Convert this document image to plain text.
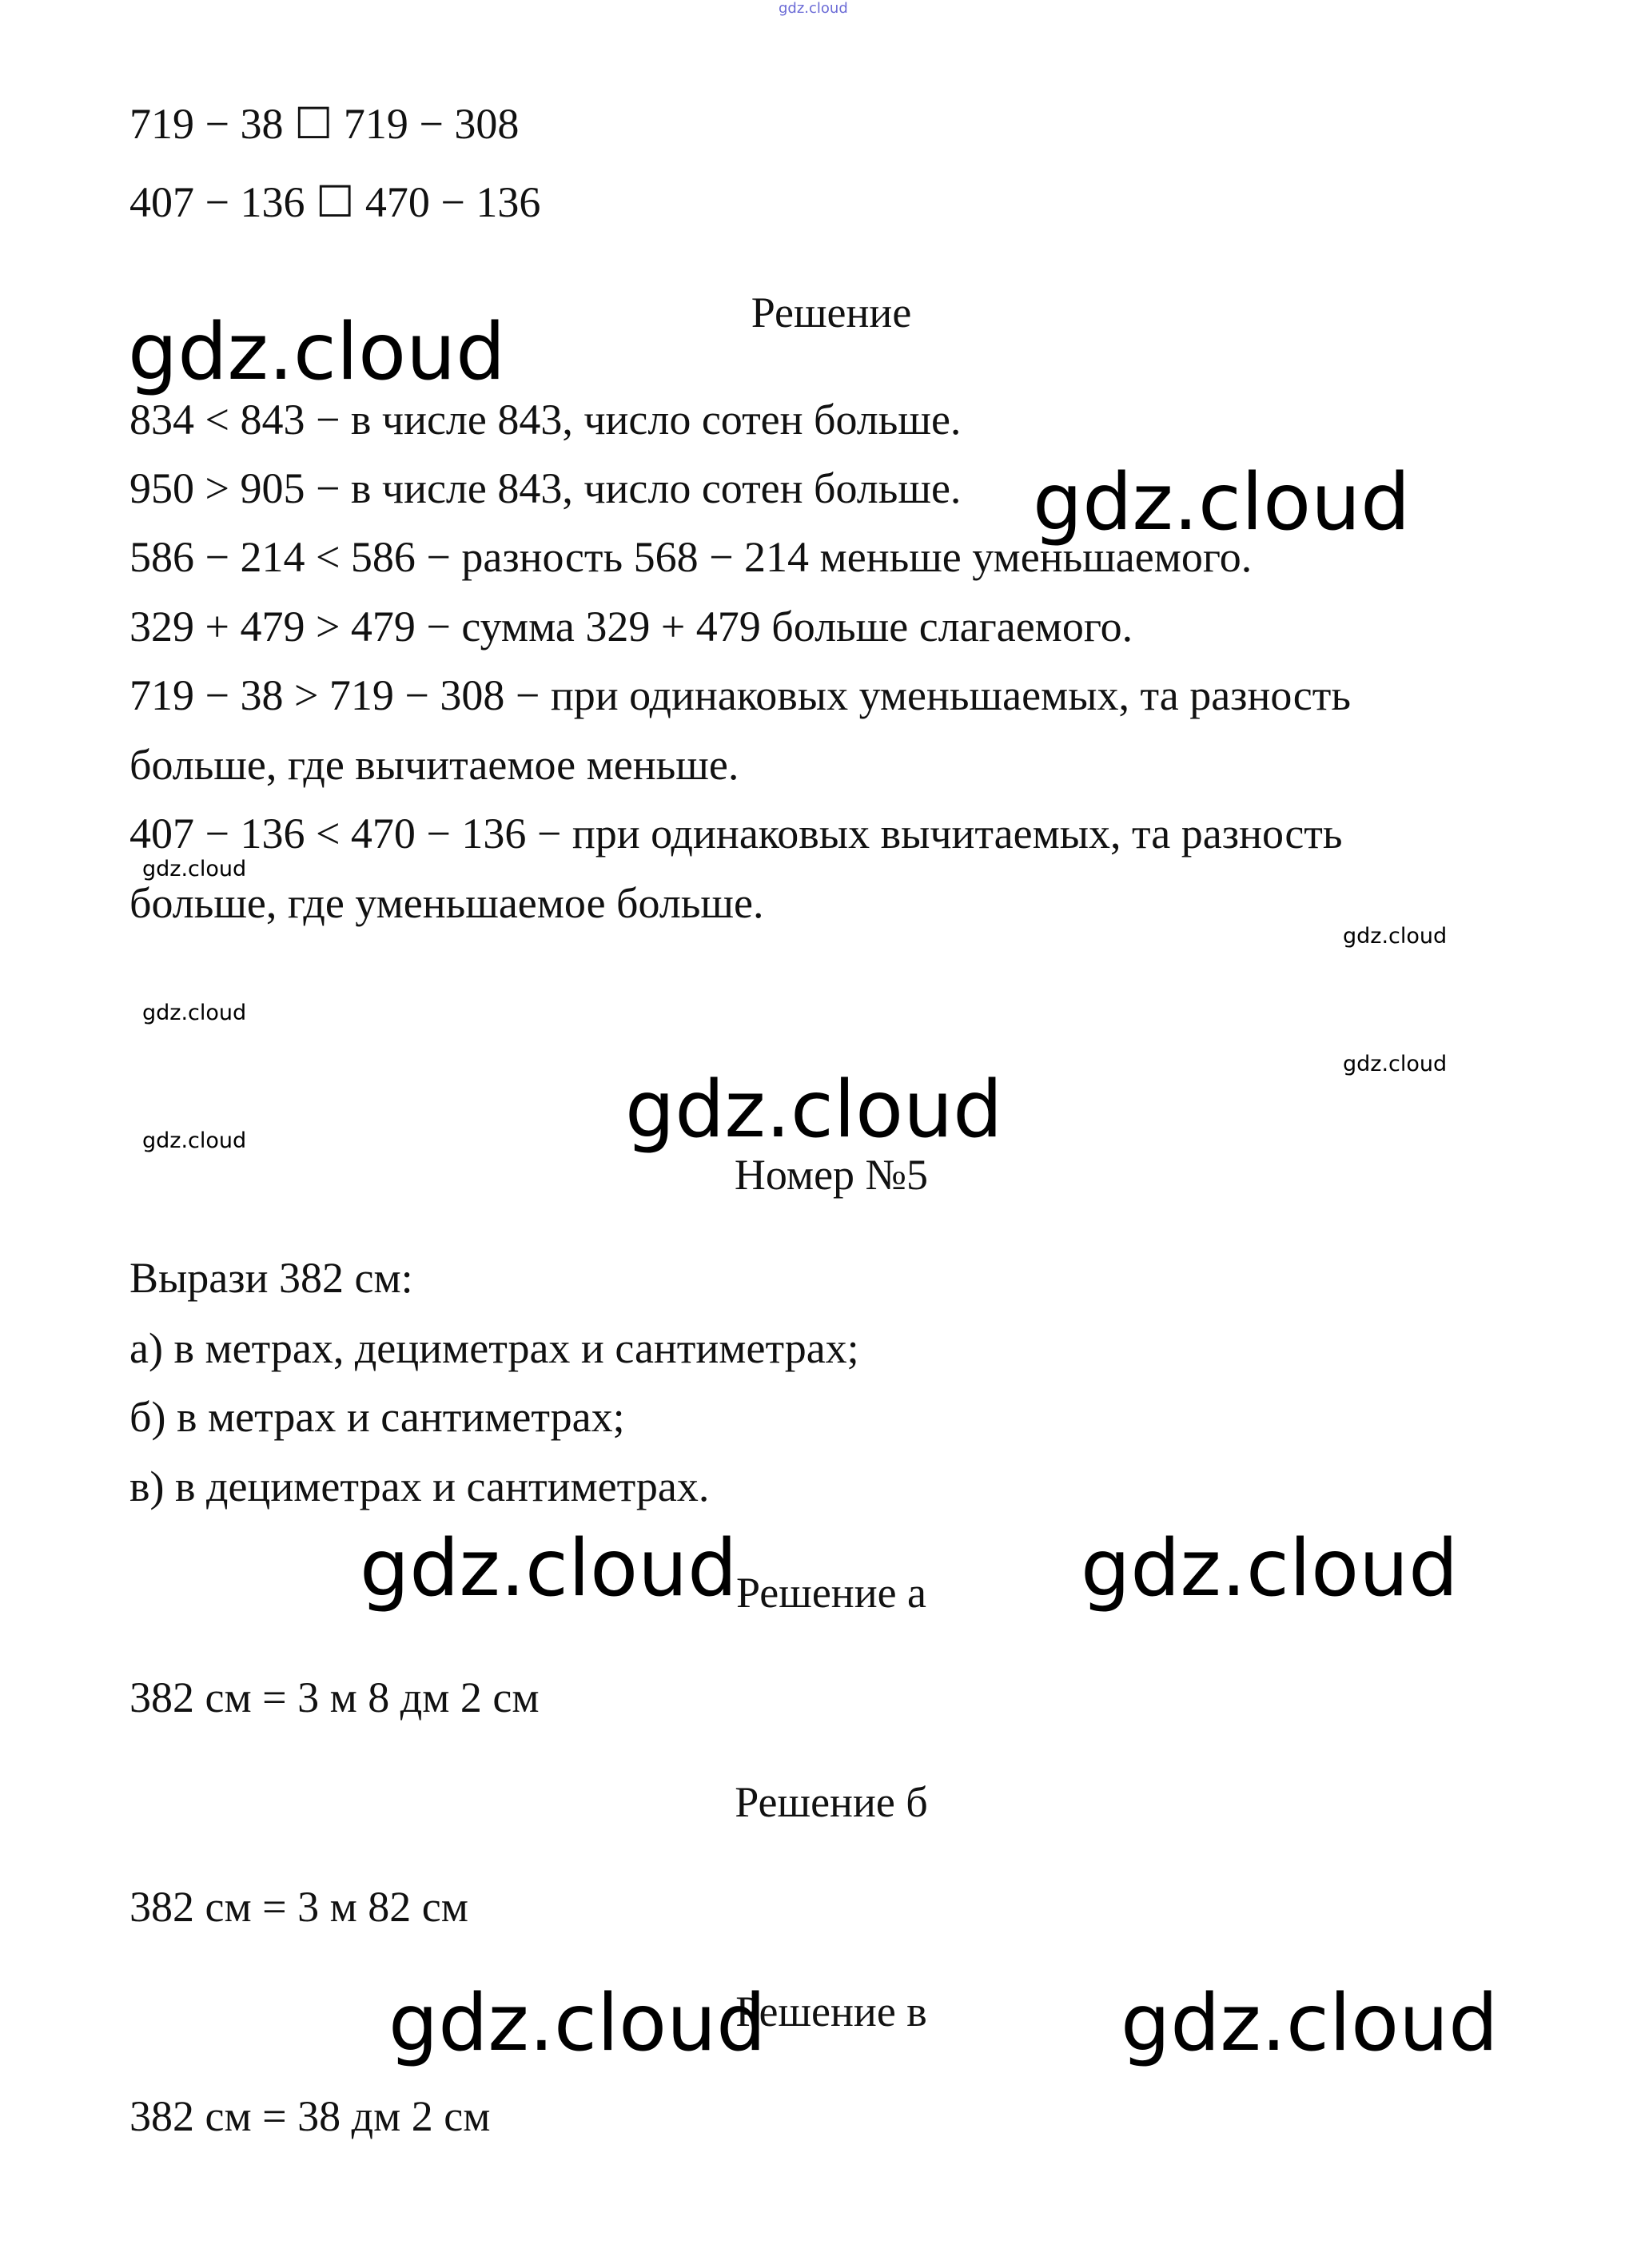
gdz.cloud
719 − 38 ☐ 719 − 308
407 − 136 ☐ 470 − 136
Решение
834 < 843 − в числе 843, число сотен больше.
950 > 905 − в числе 843, число сотен больше.
586 − 214 < 586 − разность 568 − 214 меньше уменьшаемого.
329 + 479 > 479 − сумма 329 + 479 больше слагаемого.
719 − 38 > 719 − 308 − при одинаковых уменьшаемых, та разность
больше, где вычитаемое меньше.
407 − 136 < 470 − 136 − при одинаковых вычитаемых, та разность
больше, где уменьшаемое больше.
Номер №5
Вырази 382 см:
а) в метрах, дециметрах и сантиметрах;
б) в метрах и сантиметрах;
в) в дециметрах и сантиметрах.
Решение а
382 см = 3 м 8 дм 2 см
Решение б
382 см = 3 м 82 см
Решение в
382 см = 38 дм 2 см
gdz.cloud
gdz.cloud
gdz.cloud
gdz.cloud	gdz.cloud
gdz.cloud	gdz.cloud
gdz.cloud
gdz.cloud
gdz.cloud
gdz.cloud
gdz.cloud
